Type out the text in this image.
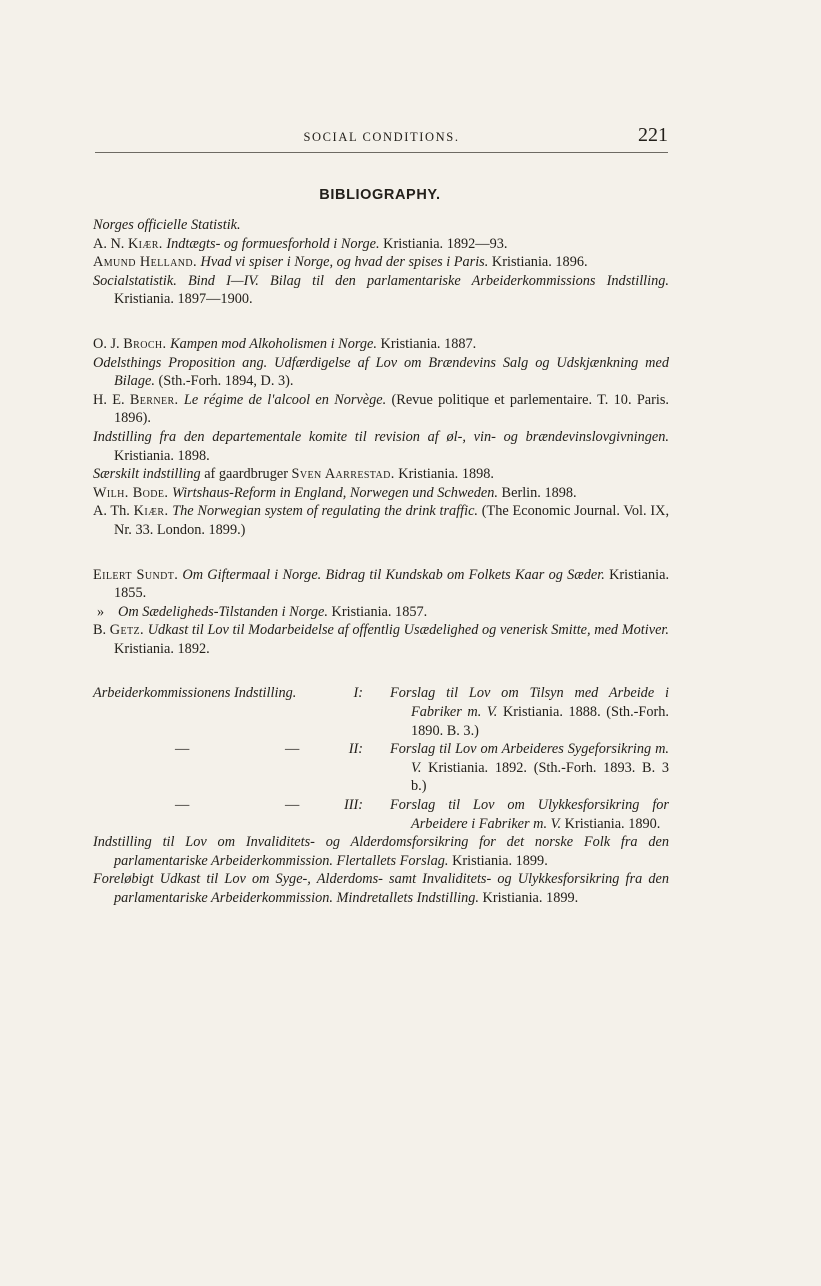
SOCIAL CONDITIONS.	221
BIBLIOGRAPHY.

Norges officielle Statistik.

A. N. Kiær. Indtægts- og formuesforhold i Norge. Kristiania. 1892—93.

Amund Helland. Hvad vi spiser i Norge, og hvad der spises i Paris. Kristiania. 1896.

Socialstatistik. Bind I—IV. Bilag til den parlamentariske Arbeiderkommissions Indstilling. Kristiania. 1897—1900.

O. J. Broch. Kampen mod Alkoholismen i Norge. Kristiania. 1887.

Odelsthings Proposition ang. Udfærdigelse af Lov om Brændevins Salg og Udskjænkning med Bilage. (Sth.-Forh. 1894, D. 3).

H. E. Berner. Le régime de l'alcool en Norvège. (Revue politique et parlementaire. T. 10. Paris. 1896).

Indstilling fra den departementale komite til revision af øl-, vin- og brændevinslovgivningen. Kristiania. 1898.

Særskilt indstilling af gaardbruger Sven Aarrestad. Kristiania. 1898.

Wilh. Bode. Wirtshaus-Reform in England, Norwegen und Schweden. Berlin. 1898.

A. Th. Kiær. The Norwegian system of regulating the drink traffic. (The Economic Journal. Vol. IX, Nr. 33. London. 1899.)

Eilert Sundt. Om Giftermaal i Norge. Bidrag til Kundskab om Folkets Kaar og Sæder. Kristiania. 1855.

» Om Sædeligheds-Tilstanden i Norge. Kristiania. 1857.

B. Getz. Udkast til Lov til Modarbeidelse af offentlig Usædelighed og venerisk Smitte, med Motiver. Kristiania. 1892.

Arbeiderkommissionens Indstilling.	I: Forslag til Lov om Tilsyn med Arbeide i Fabriker m. V. Kristiania. 1888. (Sth.-Forh. 1890. B. 3.)
—	—	II: Forslag til Lov om Arbeideres Sygeforsikring m. V. Kristiania. 1892. (Sth.-Forh. 1893. B. 3 b.)
—	—	III: Forslag til Lov om Ulykkesforsikring for Arbeidere i Fabriker m. V. Kristiania. 1890.

Indstilling til Lov om Invaliditets- og Alderdomsforsikring for det norske Folk fra den parlamentariske Arbeiderkommission. Flertallets Forslag. Kristiania. 1899.

Foreløbigt Udkast til Lov om Syge-, Alderdoms- samt Invaliditets- og Ulykkesforsikring fra den parlamentariske Arbeiderkommission. Mindretallets Indstilling. Kristiania. 1899.
